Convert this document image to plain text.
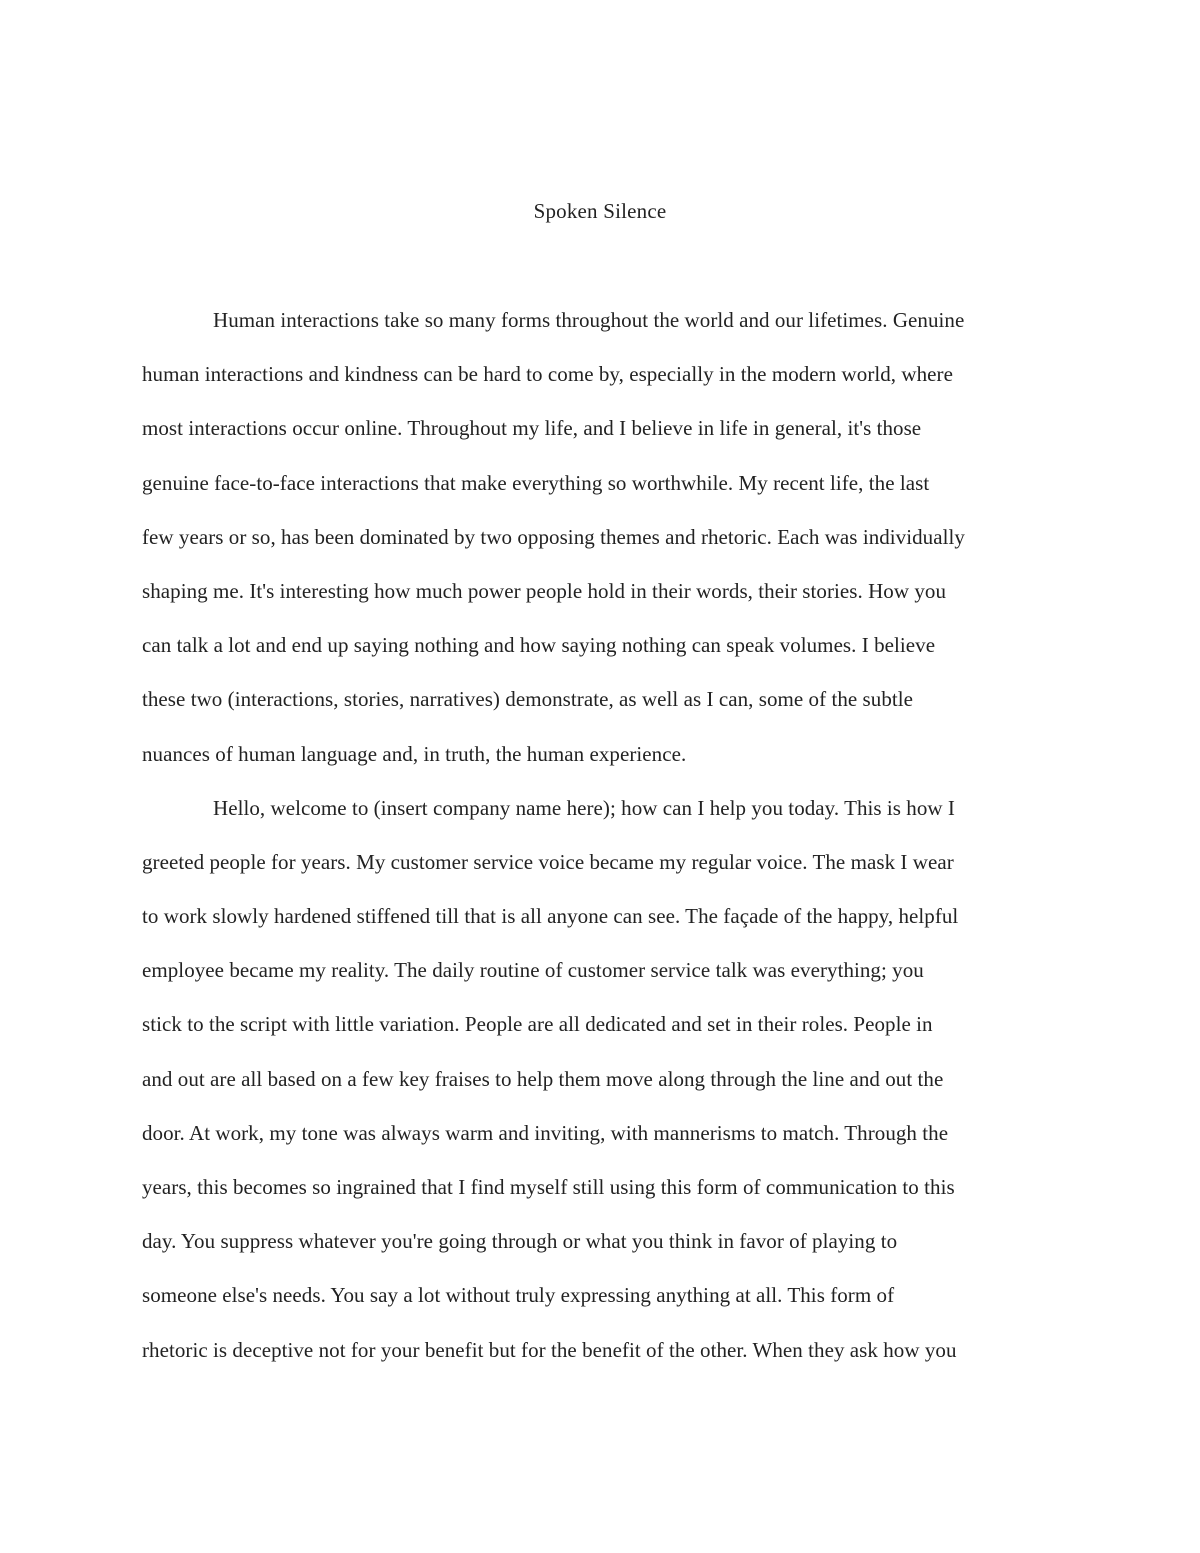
Spoken Silence
Human interactions take so many forms throughout the world and our lifetimes. Genuine
human interactions and kindness can be hard to come by, especially in the modern world, where
most interactions occur online. Throughout my life, and I believe in life in general, it's those
genuine face-to-face interactions that make everything so worthwhile. My recent life, the last
few years or so, has been dominated by two opposing themes and rhetoric. Each was individually
shaping me. It's interesting how much power people hold in their words, their stories. How you
can talk a lot and end up saying nothing and how saying nothing can speak volumes. I believe
these two (interactions, stories, narratives) demonstrate, as well as I can, some of the subtle
nuances of human language and, in truth, the human experience.
Hello, welcome to (insert company name here); how can I help you today. This is how I
greeted people for years. My customer service voice became my regular voice. The mask I wear
to work slowly hardened stiffened till that is all anyone can see. The façade of the happy, helpful
employee became my reality. The daily routine of customer service talk was everything; you
stick to the script with little variation. People are all dedicated and set in their roles. People in
and out are all based on a few key fraises to help them move along through the line and out the
door. At work, my tone was always warm and inviting, with mannerisms to match. Through the
years, this becomes so ingrained that I find myself still using this form of communication to this
day. You suppress whatever you're going through or what you think in favor of playing to
someone else's needs. You say a lot without truly expressing anything at all. This form of
rhetoric is deceptive not for your benefit but for the benefit of the other. When they ask how you
